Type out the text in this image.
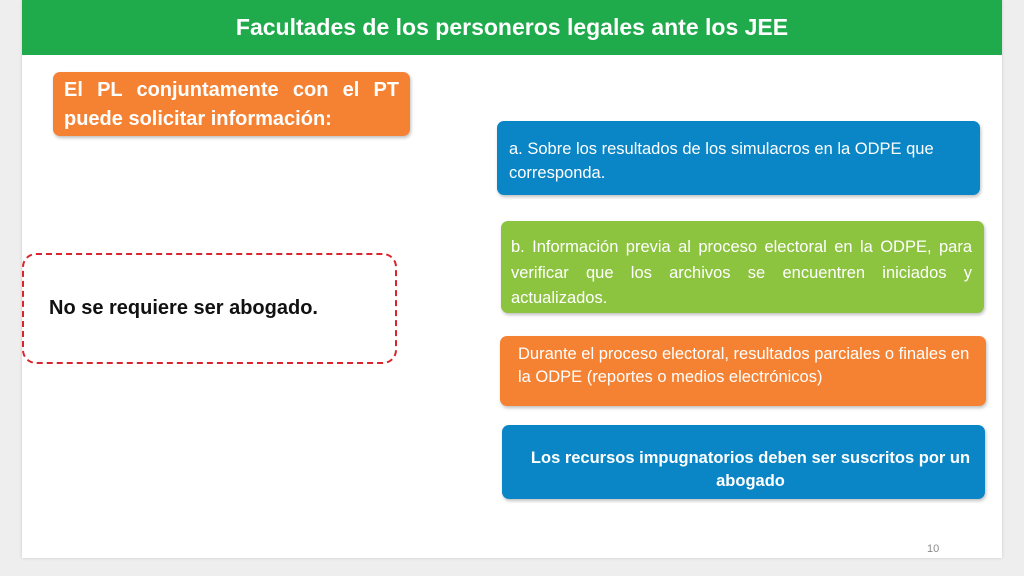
Facultades de los personeros legales ante los JEE
El PL conjuntamente con el PT puede solicitar información:
No se requiere ser abogado.
a. Sobre los resultados de los simulacros en la ODPE que corresponda.
b. Información previa al proceso electoral en la ODPE, para verificar que los archivos se encuentren iniciados y actualizados.
Durante el proceso electoral, resultados parciales o finales en la ODPE (reportes o medios electrónicos)
Los recursos impugnatorios deben ser suscritos por un abogado
10
